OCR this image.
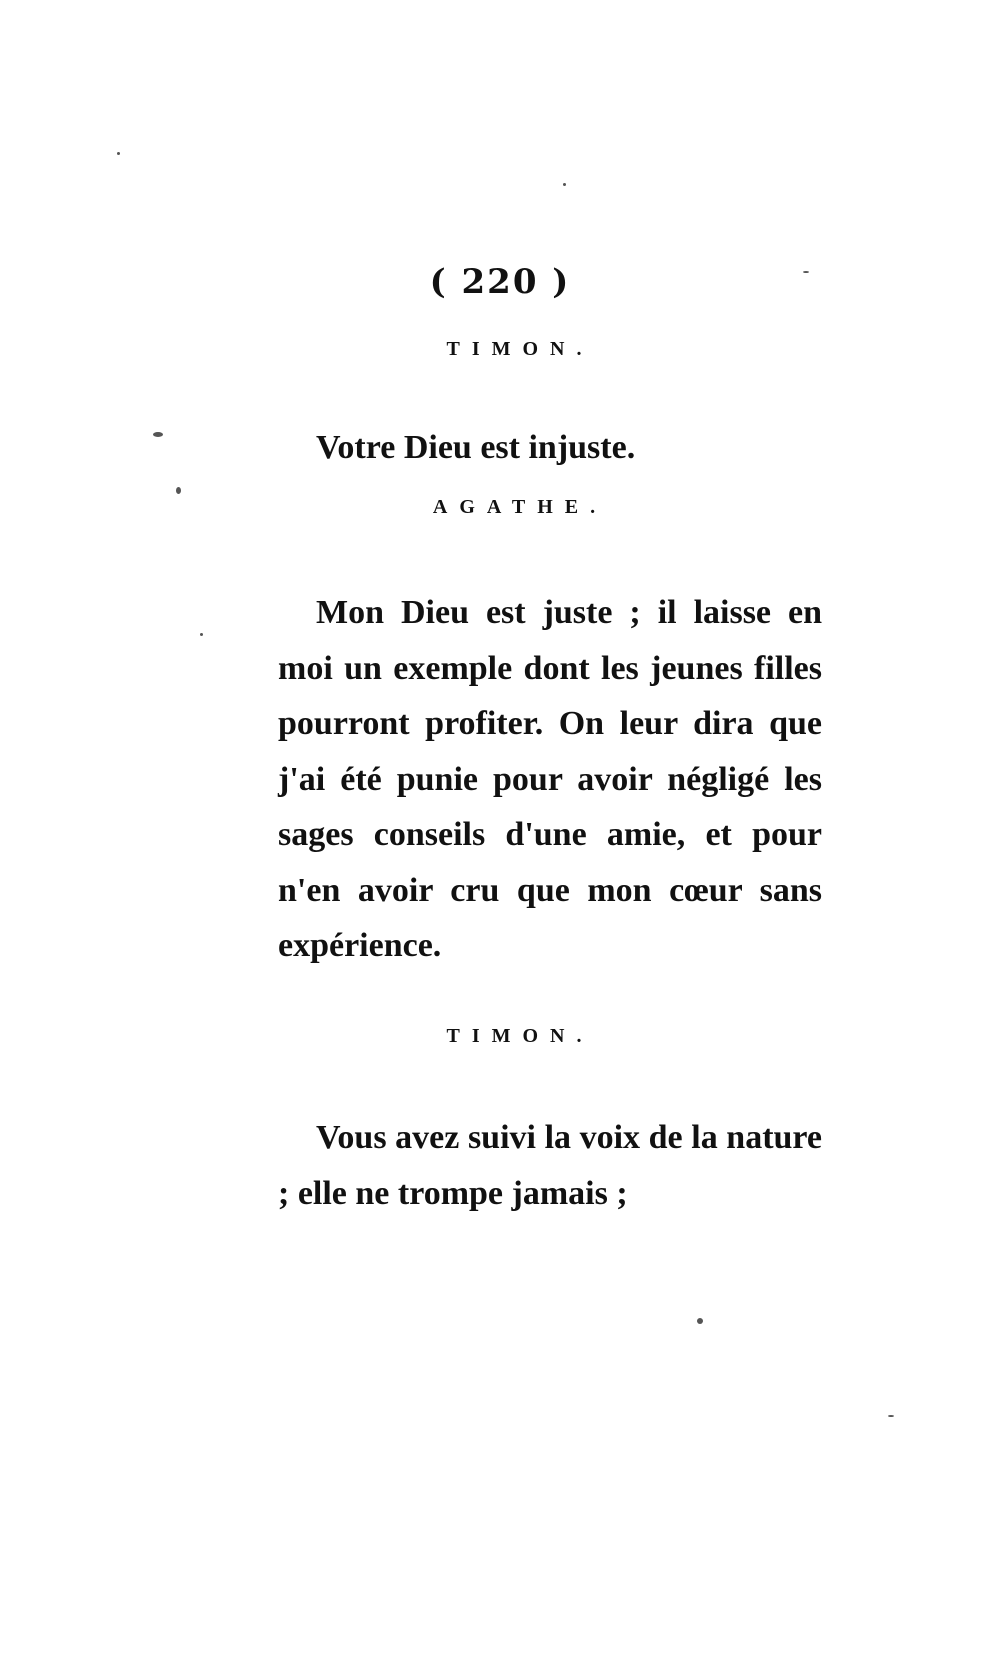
( 220 )
TIMON.

Votre Dieu est injuste.

AGATHE.

Mon Dieu est juste ; il laisse en moi un exemple dont les jeunes filles pourront profiter. On leur dira que j'ai été punie pour avoir négligé les sages conseils d'une amie, et pour n'en avoir cru que mon cœur sans expérience.

TIMON.

Vous avez suivi la voix de la nature ; elle ne trompe jamais ;
